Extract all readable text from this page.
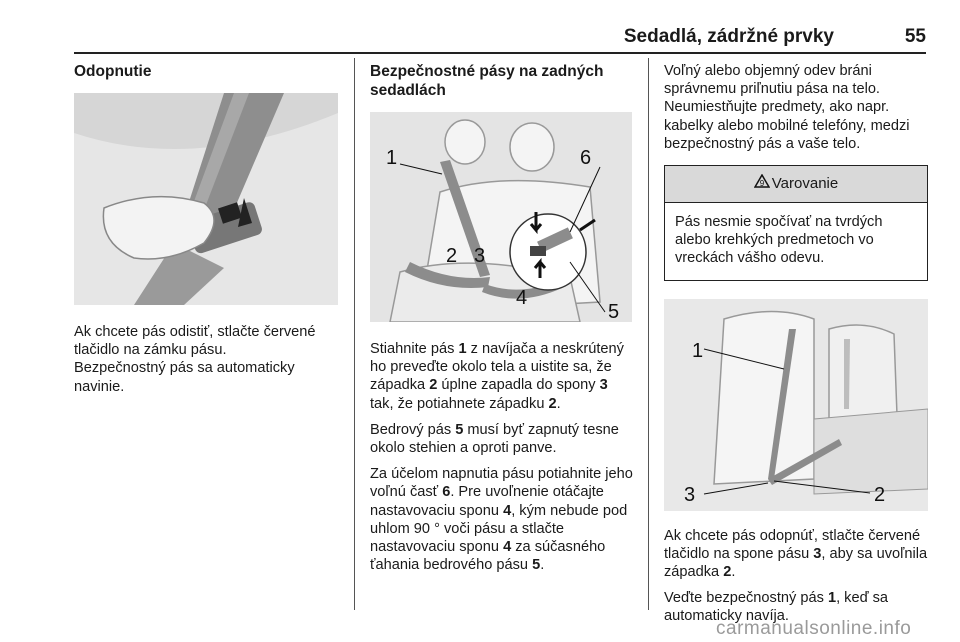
Sedadlá, zádržné prvky	55
Odopnutie

Ak chcete pás odistiť, stlačte červené tlačidlo na zámku pásu.

Bezpečnostný pás sa automaticky navinie.

Bezpečnostné pásy na zadných sedadlách
1
2 3
4
5
6

Stiahnite pás 1 z navíjača a neskrútený ho preveďte okolo tela a uistite sa, že západka 2 úplne zapadla do spony 3 tak, že potiahnete západku 2.

Bedrový pás 5 musí byť zapnutý tesne okolo stehien a oproti panve.

Za účelom napnutia pásu potiahnite jeho voľnú časť 6. Pre uvoľnenie otáčajte nastavovaciu sponu 4, kým nebude pod uhlom 90 ° voči pásu a stlačte nastavovaciu sponu 4 za súčasného ťahania bedrového pásu 5.

Voľný alebo objemný odev bráni správnemu priľnutiu pása na telo. Neumiestňujte predmety, ako napr. kabelky alebo mobilné telefóny, medzi bezpečnostný pás a vaše telo.

9 Varovanie
Pás nesmie spočívať na tvrdých alebo krehkých predmetoch vo vreckách vášho odevu.
1
2
3

Ak chcete pás odopnúť, stlačte červené tlačidlo na spone pásu 3, aby sa uvoľnila západka 2.

Veďte bezpečnostný pás 1, keď sa automaticky navíja.

carmanualsonline.info
